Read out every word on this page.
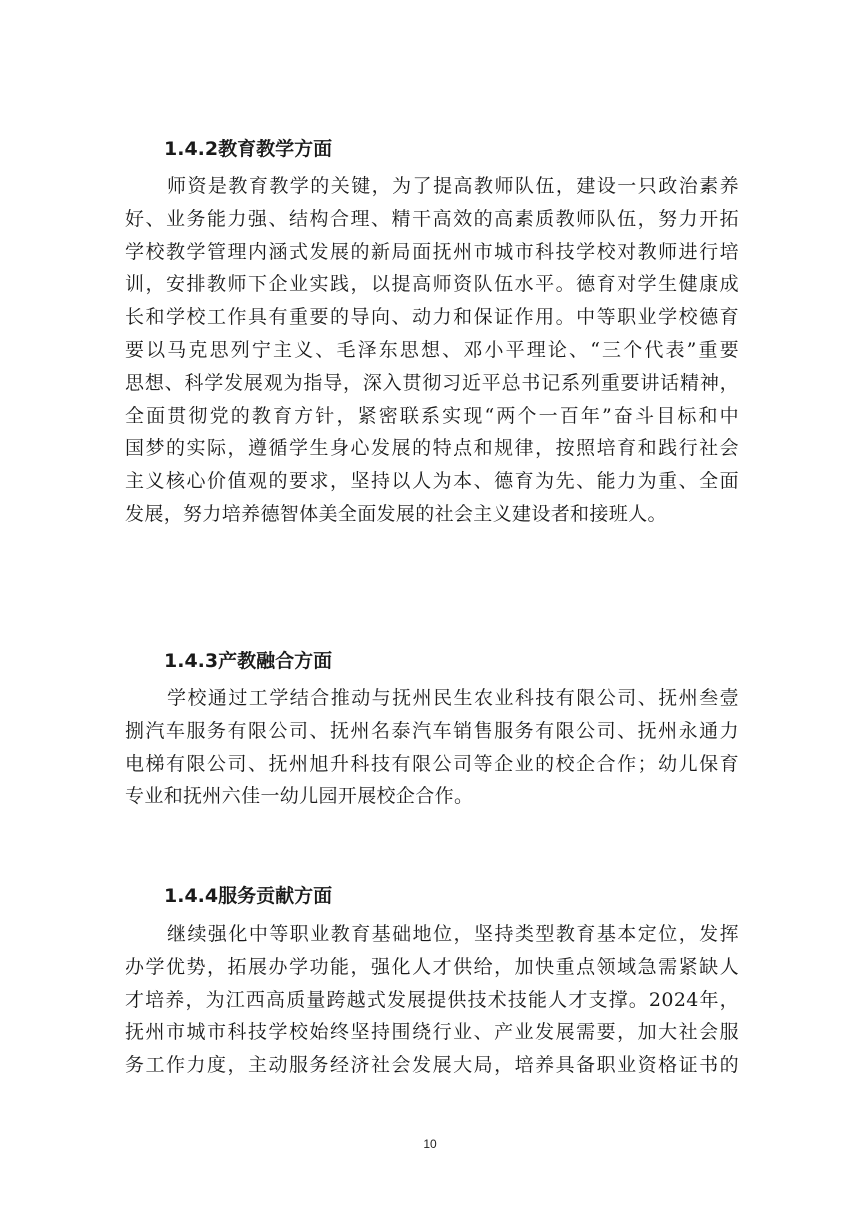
1.4.2教育教学方面
师资是教育教学的关键，为了提高教师队伍，建设一只政治素养
好、业务能力强、结构合理、精干高效的高素质教师队伍，努力开拓
学校教学管理内涵式发展的新局面抚州市城市科技学校对教师进行培
训，安排教师下企业实践，以提高师资队伍水平。德育对学生健康成
长和学校工作具有重要的导向、动力和保证作用。中等职业学校德育
要以马克思列宁主义、毛泽东思想、邓小平理论、“三个代表”重要
思想、科学发展观为指导，深入贯彻习近平总书记系列重要讲话精神，
全面贯彻党的教育方针，紧密联系实现“两个一百年”奋斗目标和中
国梦的实际，遵循学生身心发展的特点和规律，按照培育和践行社会
主义核心价值观的要求，坚持以人为本、德育为先、能力为重、全面
发展，努力培养德智体美全面发展的社会主义建设者和接班人。
1.4.3产教融合方面
学校通过工学结合推动与抚州民生农业科技有限公司、抚州叁壹
捌汽车服务有限公司、抚州名泰汽车销售服务有限公司、抚州永通力
电梯有限公司、抚州旭升科技有限公司等企业的校企合作；幼儿保育
专业和抚州六佳一幼儿园开展校企合作。
1.4.4服务贡献方面
继续强化中等职业教育基础地位，坚持类型教育基本定位，发挥
办学优势，拓展办学功能，强化人才供给，加快重点领域急需紧缺人
才培养，为江西高质量跨越式发展提供技术技能人才支撑。2024年，
抚州市城市科技学校始终坚持围绕行业、产业发展需要，加大社会服
务工作力度，主动服务经济社会发展大局，培养具备职业资格证书的
10
